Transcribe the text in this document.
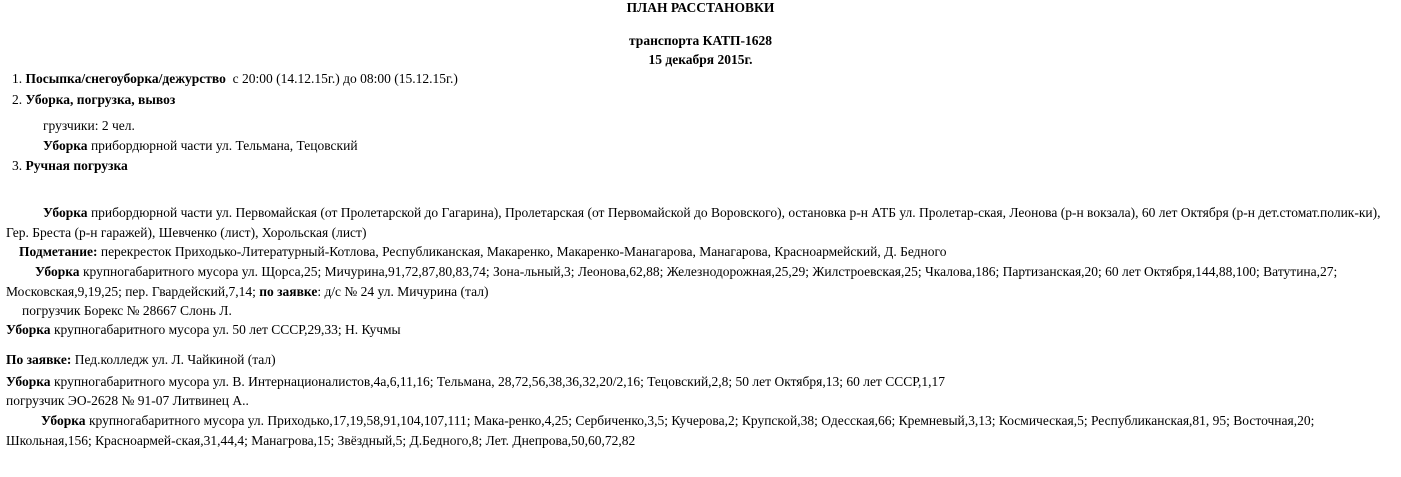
ПЛАН РАССТАНОВКИ
транспорта КАТП-1628
15 декабря 2015г.
1. Посыпка/снегоуборка/дежурство  с 20:00 (14.12.15г.) до 08:00 (15.12.15г.)
2. Уборка, погрузка, вывоз
грузчики: 2 чел.
Уборка прибордюрной части ул. Тельмана, Тецовский
3. Ручная погрузка
Уборка прибордюрной части ул. Первомайская (от Пролетарской до Гагарина), Пролетарская (от Первомайской до Воровского), остановка р-н АТБ ул. Пролетар-ская, Леонова (р-н вокзала), 60 лет Октября (р-н дет.стомат.полик-ки), Гер. Бреста (р-н гаражей), Шевченко (лист), Хорольская (лист)
Подметание: перекресток Приходько-Литературный-Котлова, Республиканская, Макаренко, Макаренко-Манагарова, Манагарова, Красноармейский, Д. Бедного
Уборка крупногабаритного мусора ул. Щорса,25; Мичурина,91,72,87,80,83,74; Зона-льный,3; Леонова,62,88; Железнодорожная,25,29; Жилстроевская,25; Чкалова,186; Партизанская,20; 60 лет Октября,144,88,100; Ватутина,27; Московская,9,19,25; пер. Гвардейский,7,14; по заявке: д/с № 24 ул. Мичурина (тал)
погрузчик Борекс № 28667 Слонь Л.
Уборка крупногабаритного мусора ул. 50 лет СССР,29,33; Н. Кучмы
По заявке: Пед.колледж ул. Л. Чайкиной (тал)
Уборка крупногабаритного мусора ул. В. Интернационалистов,4а,6,11,16; Тельмана, 28,72,56,38,36,32,20/2,16; Тецовский,2,8; 50 лет Октября,13; 60 лет СССР,1,17
погрузчик ЭО-2628 № 91-07 Литвинец А..
Уборка крупногабаритного мусора ул. Приходько,17,19,58,91,104,107,111; Мака-ренко,4,25; Сербиченко,3,5; Кучерова,2; Крупской,38; Одесская,66; Кремневый,3,13; Космическая,5; Республиканская,81, 95; Восточная,20; Школьная,156; Красноармей-ская,31,44,4; Манагрова,15; Звёздный,5; Д.Бедного,8; Лет. Днепрова,50,60,72,82
